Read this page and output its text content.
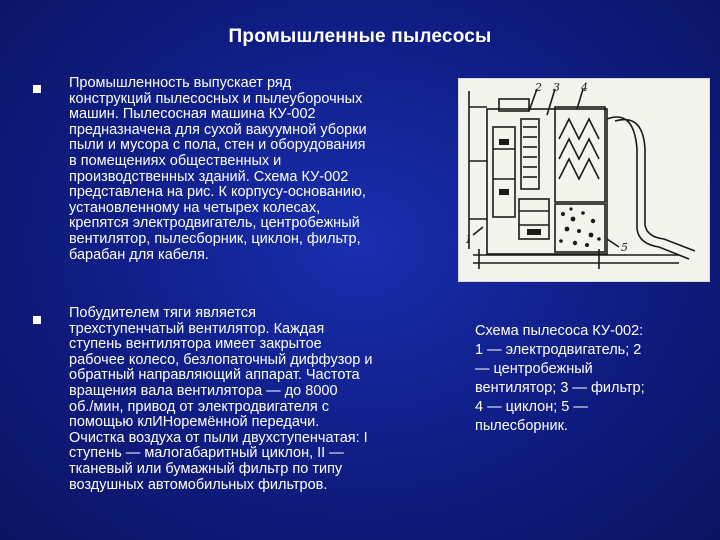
Промышленные пылесосы
Промышленность выпускает ряд
конструкций пылесосных и пылеуборочных
машин. Пылесосная машина КУ-002
предназначена для сухой вакуумной уборки
пыли и мусора с пола, стен и оборудования
в помещениях общественных и
производственных зданий. Схема КУ-002
представлена на рис. К корпусу-основанию,
установленному на четырех колесах,
крепятся электродвигатель, центробежный
вентилятор, пылесборник, циклон, фильтр,
барабан для кабеля.
Побудителем тяги является
трехступенчатый вентилятор. Каждая
ступень вентилятора имеет закрытое
рабочее колесо, безлопаточный диффузор и
обратный направляющий аппарат. Частота
вращения вала вентилятора — до 8000
об./мин, привод от электродвигателя с
помощью клИНоремённой передачи.
Очистка воздуха от пыли двухступенчатая: I
ступень — малогабаритный циклон, II —
тканевый или бумажный фильтр по типу
воздушных автомобильных фильтров.
2 3 4
5
1
Схема пылесоса КУ-002:
1 — электродвигатель; 2
— центробежный
вентилятор; 3 — фильтр;
4 — циклон; 5 —
пылесборник.
